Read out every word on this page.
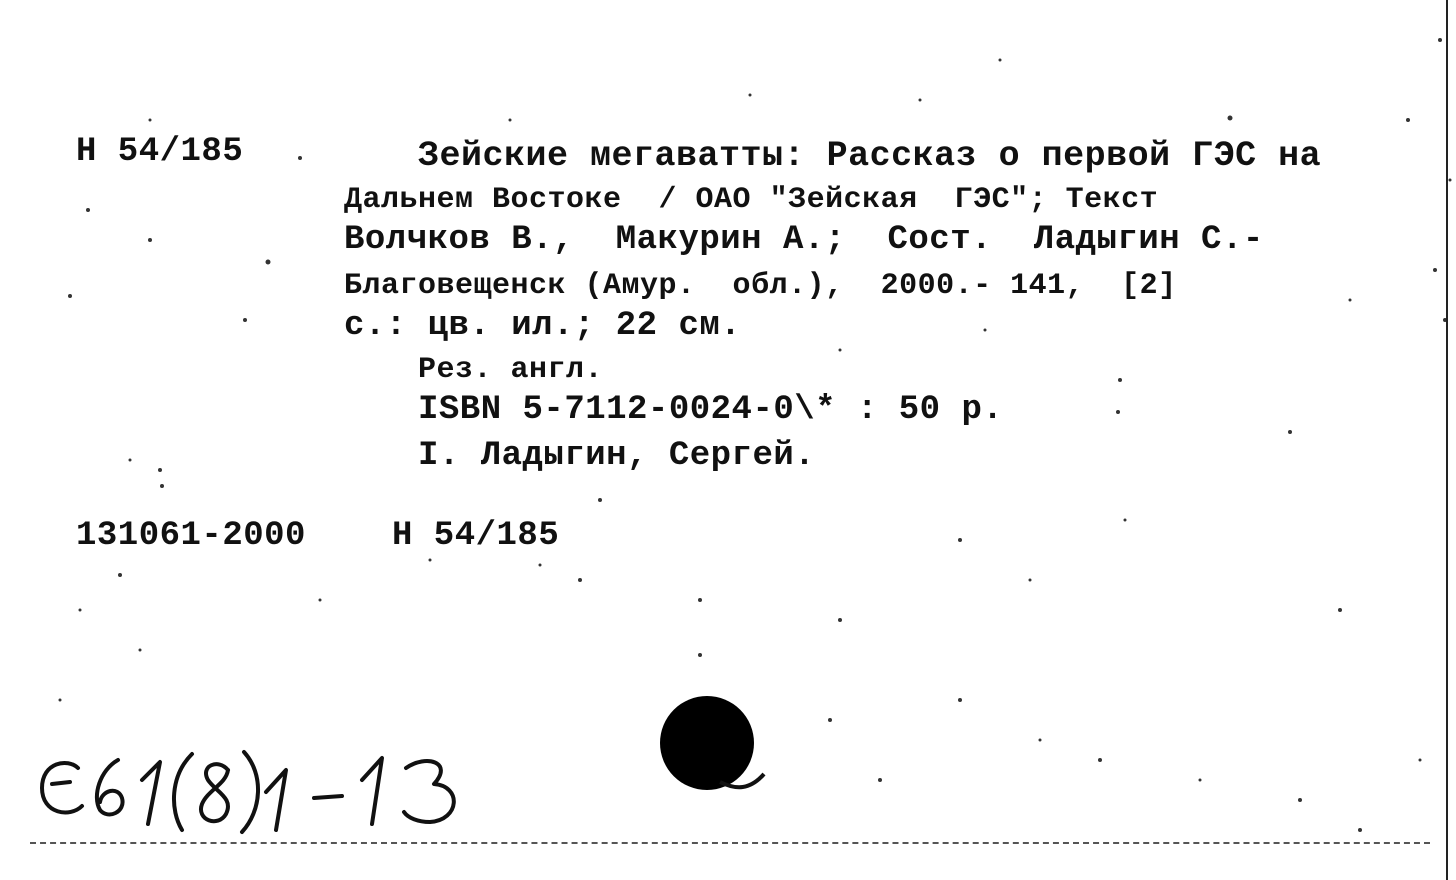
Н 54/185	Зейские мегаватты: Рассказ о первой ГЭС на
Дальнем Востоке  / ОАО "Зейская  ГЭС"; Текст
Волчков В.,  Макурин А.;  Сост.  Ладыгин С.-
Благовещенск (Амур.  обл.),  2000.- 141,  [2]
с.: цв. ил.; 22 см.
Рез. англ.
ISBN 5-7112-0024-0\* : 50 р.
I. Ладыгин, Сергей.
131061-2000	Н 54/185
